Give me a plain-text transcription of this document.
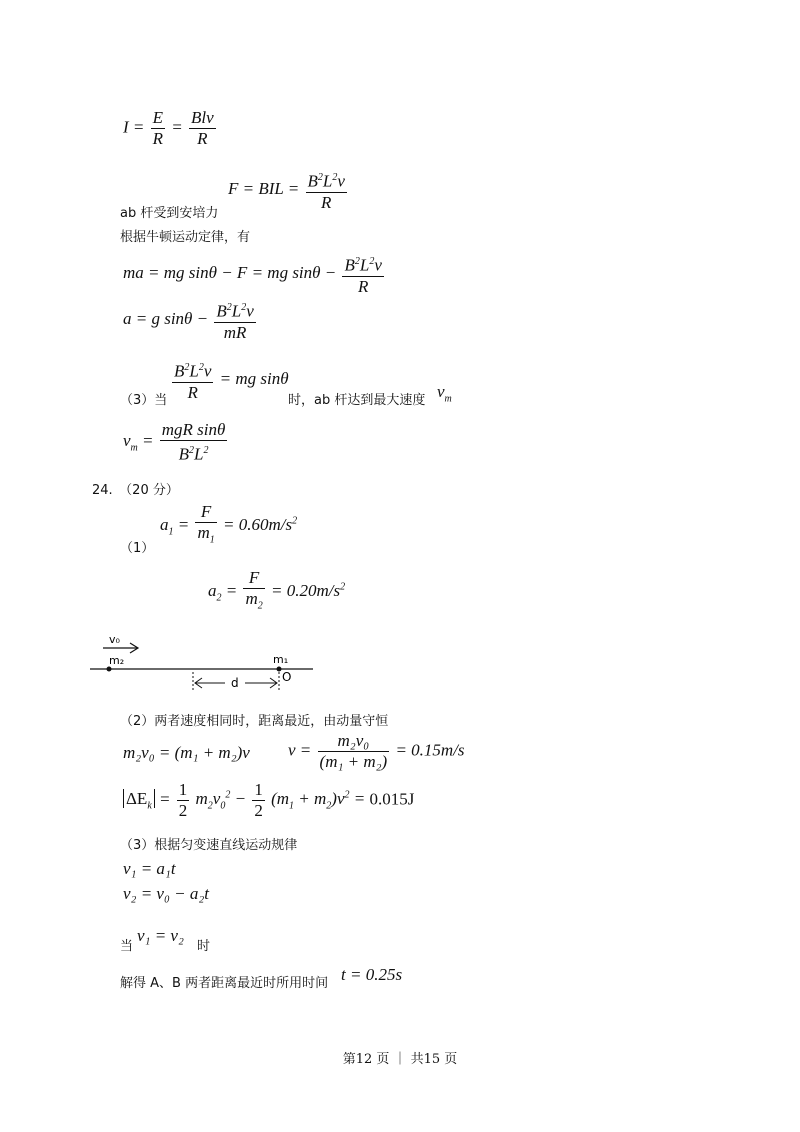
$I = \frac{E}{R} = \frac{\text{Blv}}{R}$
ab 杆受到安培力
F = BIL = $\frac{B^2L^2v}{R}$
根据牛顿运动定律，有
ma = mg sinθ − F = mg $\sin\theta - \frac{B^2L^2v}{R}$
a = g $\sin\theta - \frac{B^2L^2v}{mR}$
（3）当 $\frac{B^2L^2v}{R}$ = mg sinθ
时，ab 杆达到最大速度 $v_m$
$v_m = \frac{\text{mgR sinθ}}{B^2L^2}$
24.　（20 分）
（1）
$a_1 = \frac{F}{m_1} = 0.60m/s^2$
$a_2 = \frac{F}{m_2} = 0.20m/s^2$
v₀
m₂	m₁
d	O
（2）两者速度相同时，距离最近，由动量守恒
m₂v₀ = (m₁ + m₂)v $v = \frac{\text{m₂v₀}}{\text{(m₁ + m₂)}} = 0.15m/s$
$\Delta E_k = \frac{1}{2} m_2v_0^2 - \frac{1}{2} (m_1 + m_2)v^2 = 0.015J$
（3）根据匀变速直线运动规律
v₁ = a₁t
v₂ = v₀ − a₂t
当
v₁ = v₂
时
解得 A、B 两者距离最近时所用时间 t = 0.25s
第12 页 ｜ 共15 页
